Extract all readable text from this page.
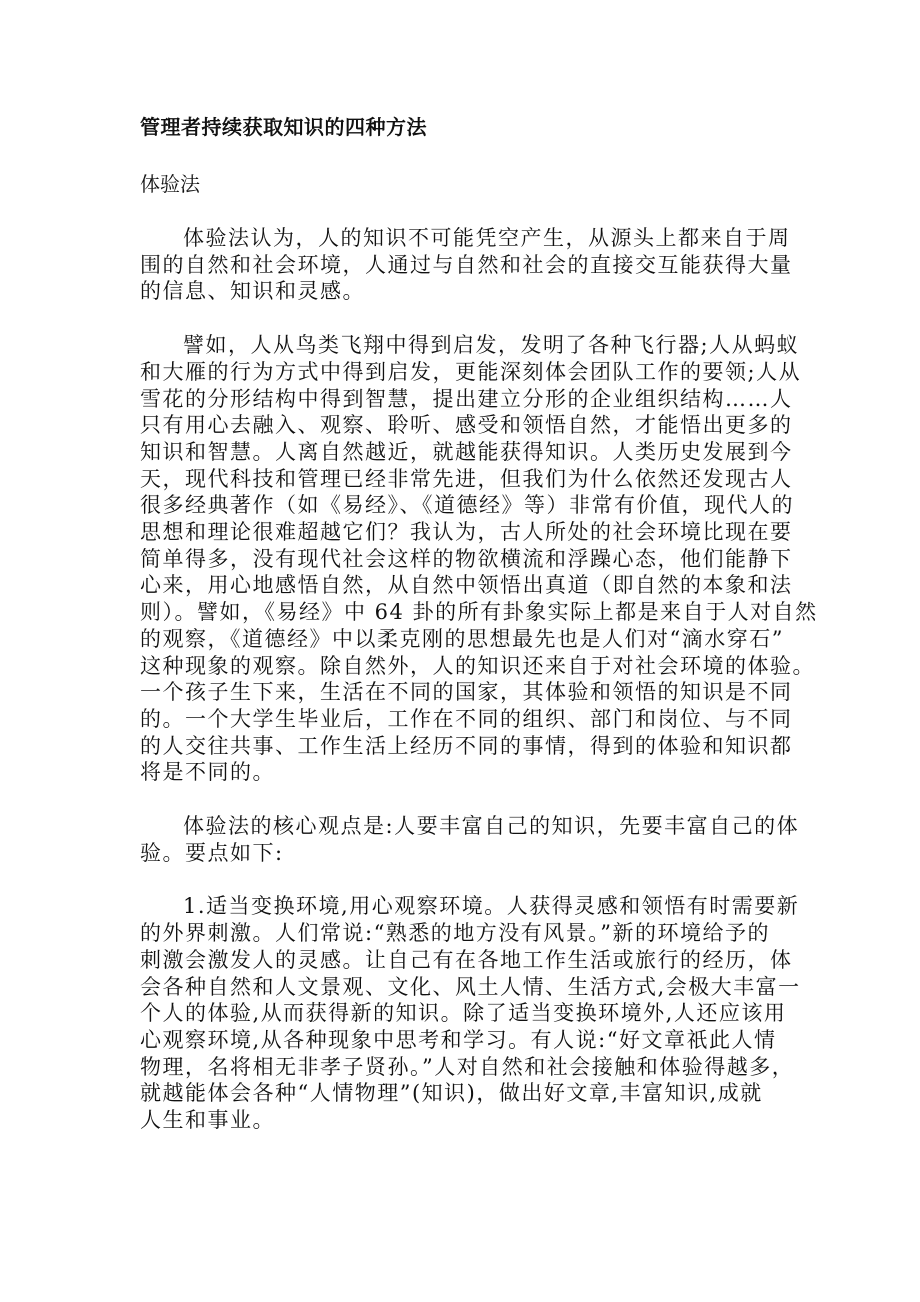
管理者持续获取知识的四种方法
体验法
体验法认为，人的知识不可能凭空产生，从源头上都来自于周
围的自然和社会环境，人通过与自然和社会的直接交互能获得大量
的信息、知识和灵感。
譬如，人从鸟类飞翔中得到启发，发明了各种飞行器;人从蚂蚁
和大雁的行为方式中得到启发，更能深刻体会团队工作的要领;人从
雪花的分形结构中得到智慧，提出建立分形的企业组织结构……人
只有用心去融入、观察、聆听、感受和领悟自然，才能悟出更多的
知识和智慧。人离自然越近，就越能获得知识。人类历史发展到今
天，现代科技和管理已经非常先进，但我们为什么依然还发现古人
很多经典著作（如《易经》、《道德经》等）非常有价值，现代人的
思想和理论很难超越它们？我认为，古人所处的社会环境比现在要
简单得多，没有现代社会这样的物欲横流和浮躁心态，他们能静下
心来，用心地感悟自然，从自然中领悟出真道（即自然的本象和法
则）。譬如，《易经》中 64 卦的所有卦象实际上都是来自于人对自然
的观察，《道德经》中以柔克刚的思想最先也是人们对“滴水穿石”
这种现象的观察。除自然外，人的知识还来自于对社会环境的体验。
一个孩子生下来，生活在不同的国家，其体验和领悟的知识是不同
的。一个大学生毕业后，工作在不同的组织、部门和岗位、与不同
的人交往共事、工作生活上经历不同的事情，得到的体验和知识都
将是不同的。
体验法的核心观点是:人要丰富自己的知识，先要丰富自己的体
验。要点如下:
1.适当变换环境,用心观察环境。人获得灵感和领悟有时需要新
的外界刺激。人们常说:“熟悉的地方没有风景。”新的环境给予的
刺激会激发人的灵感。让自己有在各地工作生活或旅行的经历，体
会各种自然和人文景观、文化、风土人情、生活方式,会极大丰富一
个人的体验,从而获得新的知识。除了适当变换环境外,人还应该用
心观察环境,从各种现象中思考和学习。有人说:“好文章祇此人情
物理，名将相无非孝子贤孙。”人对自然和社会接触和体验得越多，
就越能体会各种“人情物理”(知识)，做出好文章,丰富知识,成就
人生和事业。
